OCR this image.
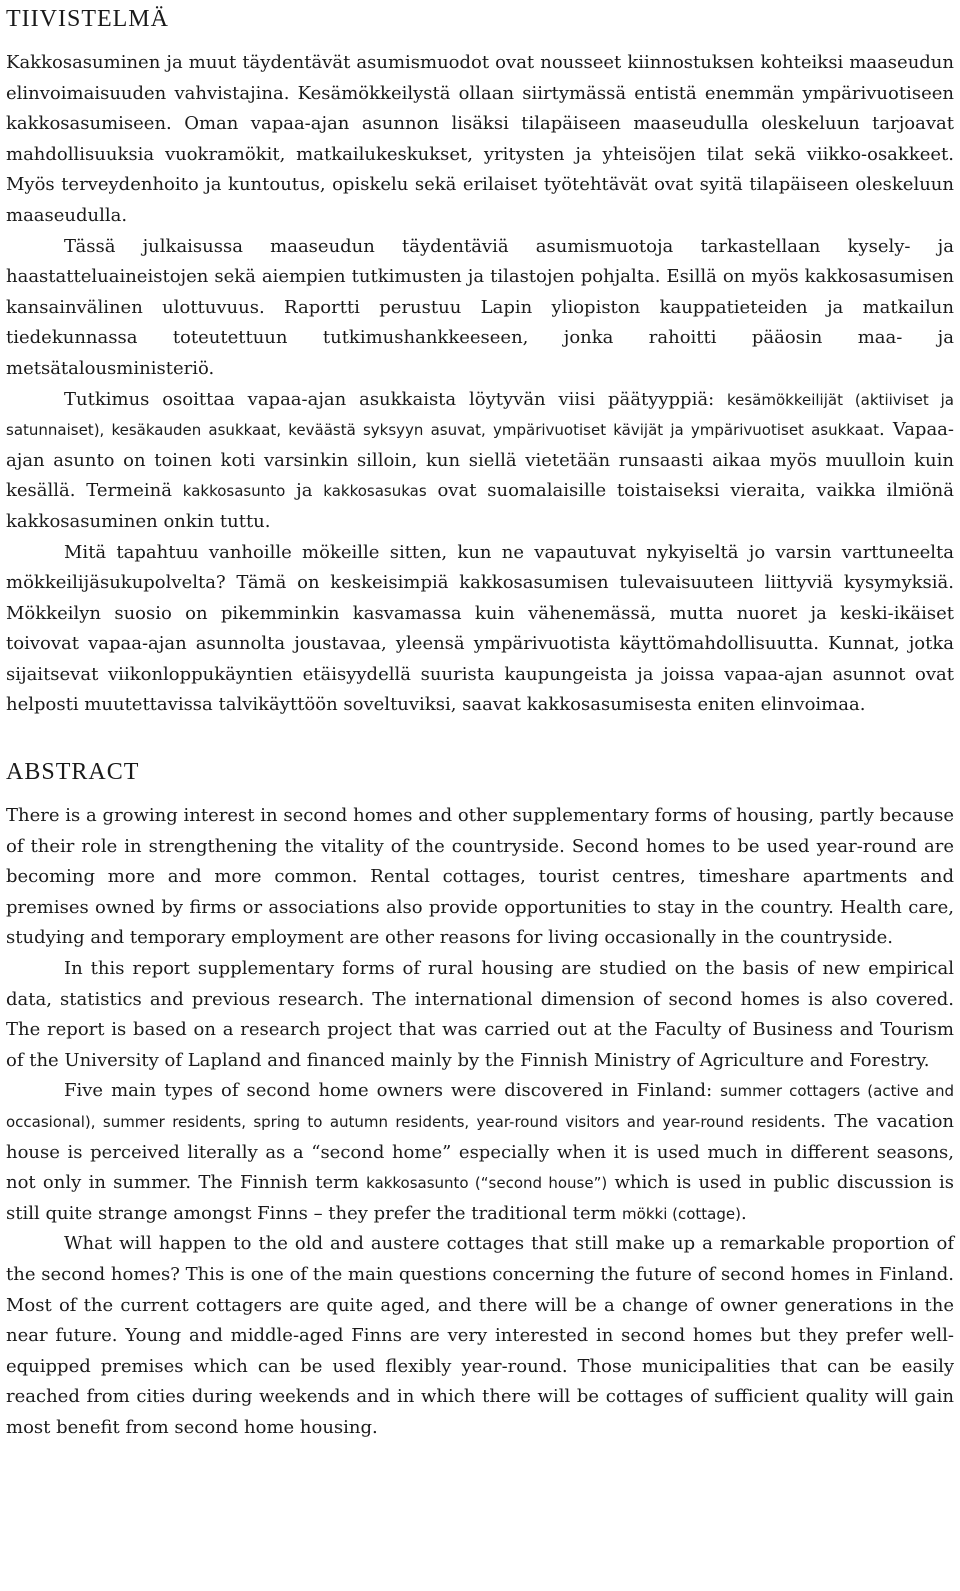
TIIVISTELMÄ

Kakkosasuminen ja muut täydentävät asumismuodot ovat nousseet kiinnostuksen kohteiksi maaseudun elinvoimaisuuden vahvistajina. Kesämökkeilystä ollaan siirtymässä entistä enemmän ympärivuotiseen kakkosasumiseen. Oman vapaa-ajan asunnon lisäksi tilapäiseen maaseudulla oleskeluun tarjoavat mahdollisuuksia vuokramökit, matkailukeskukset, yritysten ja yhteisöjen tilat sekä viikko-osakkeet. Myös terveydenhoito ja kuntoutus, opiskelu sekä erilaiset työtehtävät ovat syitä tilapäiseen oleskeluun maaseudulla.

Tässä julkaisussa maaseudun täydentäviä asumismuotoja tarkastellaan kysely- ja haastatteluaineistojen sekä aiempien tutkimusten ja tilastojen pohjalta. Esillä on myös kakkosasumisen kansainvälinen ulottuvuus. Raportti perustuu Lapin yliopiston kauppatieteiden ja matkailun tiedekunnassa toteutettuun tutkimushankkeeseen, jonka rahoitti pääosin maa- ja metsätalousministeriö.

Tutkimus osoittaa vapaa-ajan asukkaista löytyvän viisi päätyyppiä: kesämökkeilijät (aktiiviset ja satunnaiset), kesäkauden asukkaat, keväästä syksyyn asuvat, ympärivuotiset kävijät ja ympärivuotiset asukkaat. Vapaa-ajan asunto on toinen koti varsinkin silloin, kun siellä vietetään runsaasti aikaa myös muulloin kuin kesällä. Termeinä kakkosasunto ja kakkosasukas ovat suomalaisille toistaiseksi vieraita, vaikka ilmiönä kakkosasuminen onkin tuttu.

Mitä tapahtuu vanhoille mökeille sitten, kun ne vapautuvat nykyiseltä jo varsin varttuneelta mökkeilijäsukupolvelta? Tämä on keskeisimpiä kakkosasumisen tulevaisuuteen liittyviä kysymyksiä. Mökkeilyn suosio on pikemminkin kasvamassa kuin vähenemässä, mutta nuoret ja keski-ikäiset toivovat vapaa-ajan asunnolta joustavaa, yleensä ympärivuotista käyttömahdollisuutta. Kunnat, jotka sijaitsevat viikonloppukäyntien etäisyydellä suurista kaupungeista ja joissa vapaa-ajan asunnot ovat helposti muutettavissa talvikäyttöön soveltuviksi, saavat kakkosasumisesta eniten elinvoimaa.

ABSTRACT

There is a growing interest in second homes and other supplementary forms of housing, partly because of their role in strengthening the vitality of the countryside. Second homes to be used year-round are becoming more and more common. Rental cottages, tourist centres, timeshare apartments and premises owned by firms or associations also provide opportunities to stay in the country. Health care, studying and temporary employment are other reasons for living occasionally in the countryside.

In this report supplementary forms of rural housing are studied on the basis of new empirical data, statistics and previous research. The international dimension of second homes is also covered. The report is based on a research project that was carried out at the Faculty of Business and Tourism of the University of Lapland and financed mainly by the Finnish Ministry of Agriculture and Forestry.

Five main types of second home owners were discovered in Finland: summer cottagers (active and occasional), summer residents, spring to autumn residents, year-round visitors and year-round residents. The vacation house is perceived literally as a “second home” especially when it is used much in different seasons, not only in summer. The Finnish term kakkosasunto (“second house”) which is used in public discussion is still quite strange amongst Finns – they prefer the traditional term mökki (cottage).

What will happen to the old and austere cottages that still make up a remarkable proportion of the second homes? This is one of the main questions concerning the future of second homes in Finland. Most of the current cottagers are quite aged, and there will be a change of owner generations in the near future. Young and middle-aged Finns are very interested in second homes but they prefer well-equipped premises which can be used flexibly year-round. Those municipalities that can be easily reached from cities during weekends and in which there will be cottages of sufficient quality will gain most benefit from second home housing.
